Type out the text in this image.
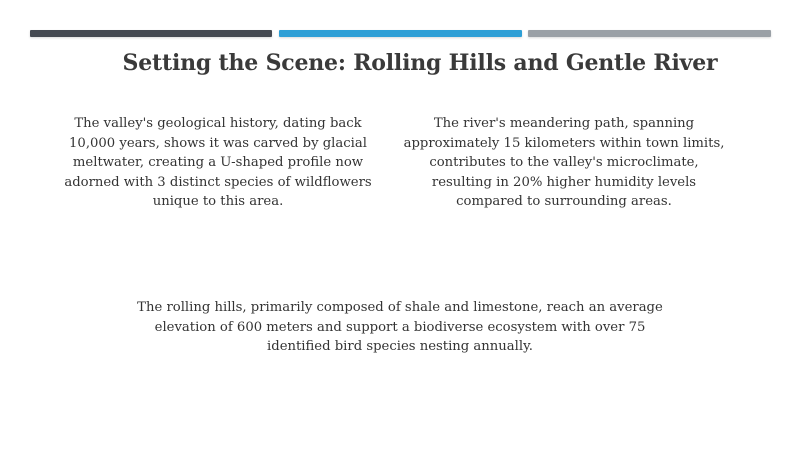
Setting the Scene: Rolling Hills and Gentle River

The valley's geological history, dating back 10,000 years, shows it was carved by glacial meltwater, creating a U-shaped profile now adorned with 3 distinct species of wildflowers unique to this area.

The river's meandering path, spanning approximately 15 kilometers within town limits, contributes to the valley's microclimate, resulting in 20% higher humidity levels compared to surrounding areas.

The rolling hills, primarily composed of shale and limestone, reach an average elevation of 600 meters and support a biodiverse ecosystem with over 75 identified bird species nesting annually.
